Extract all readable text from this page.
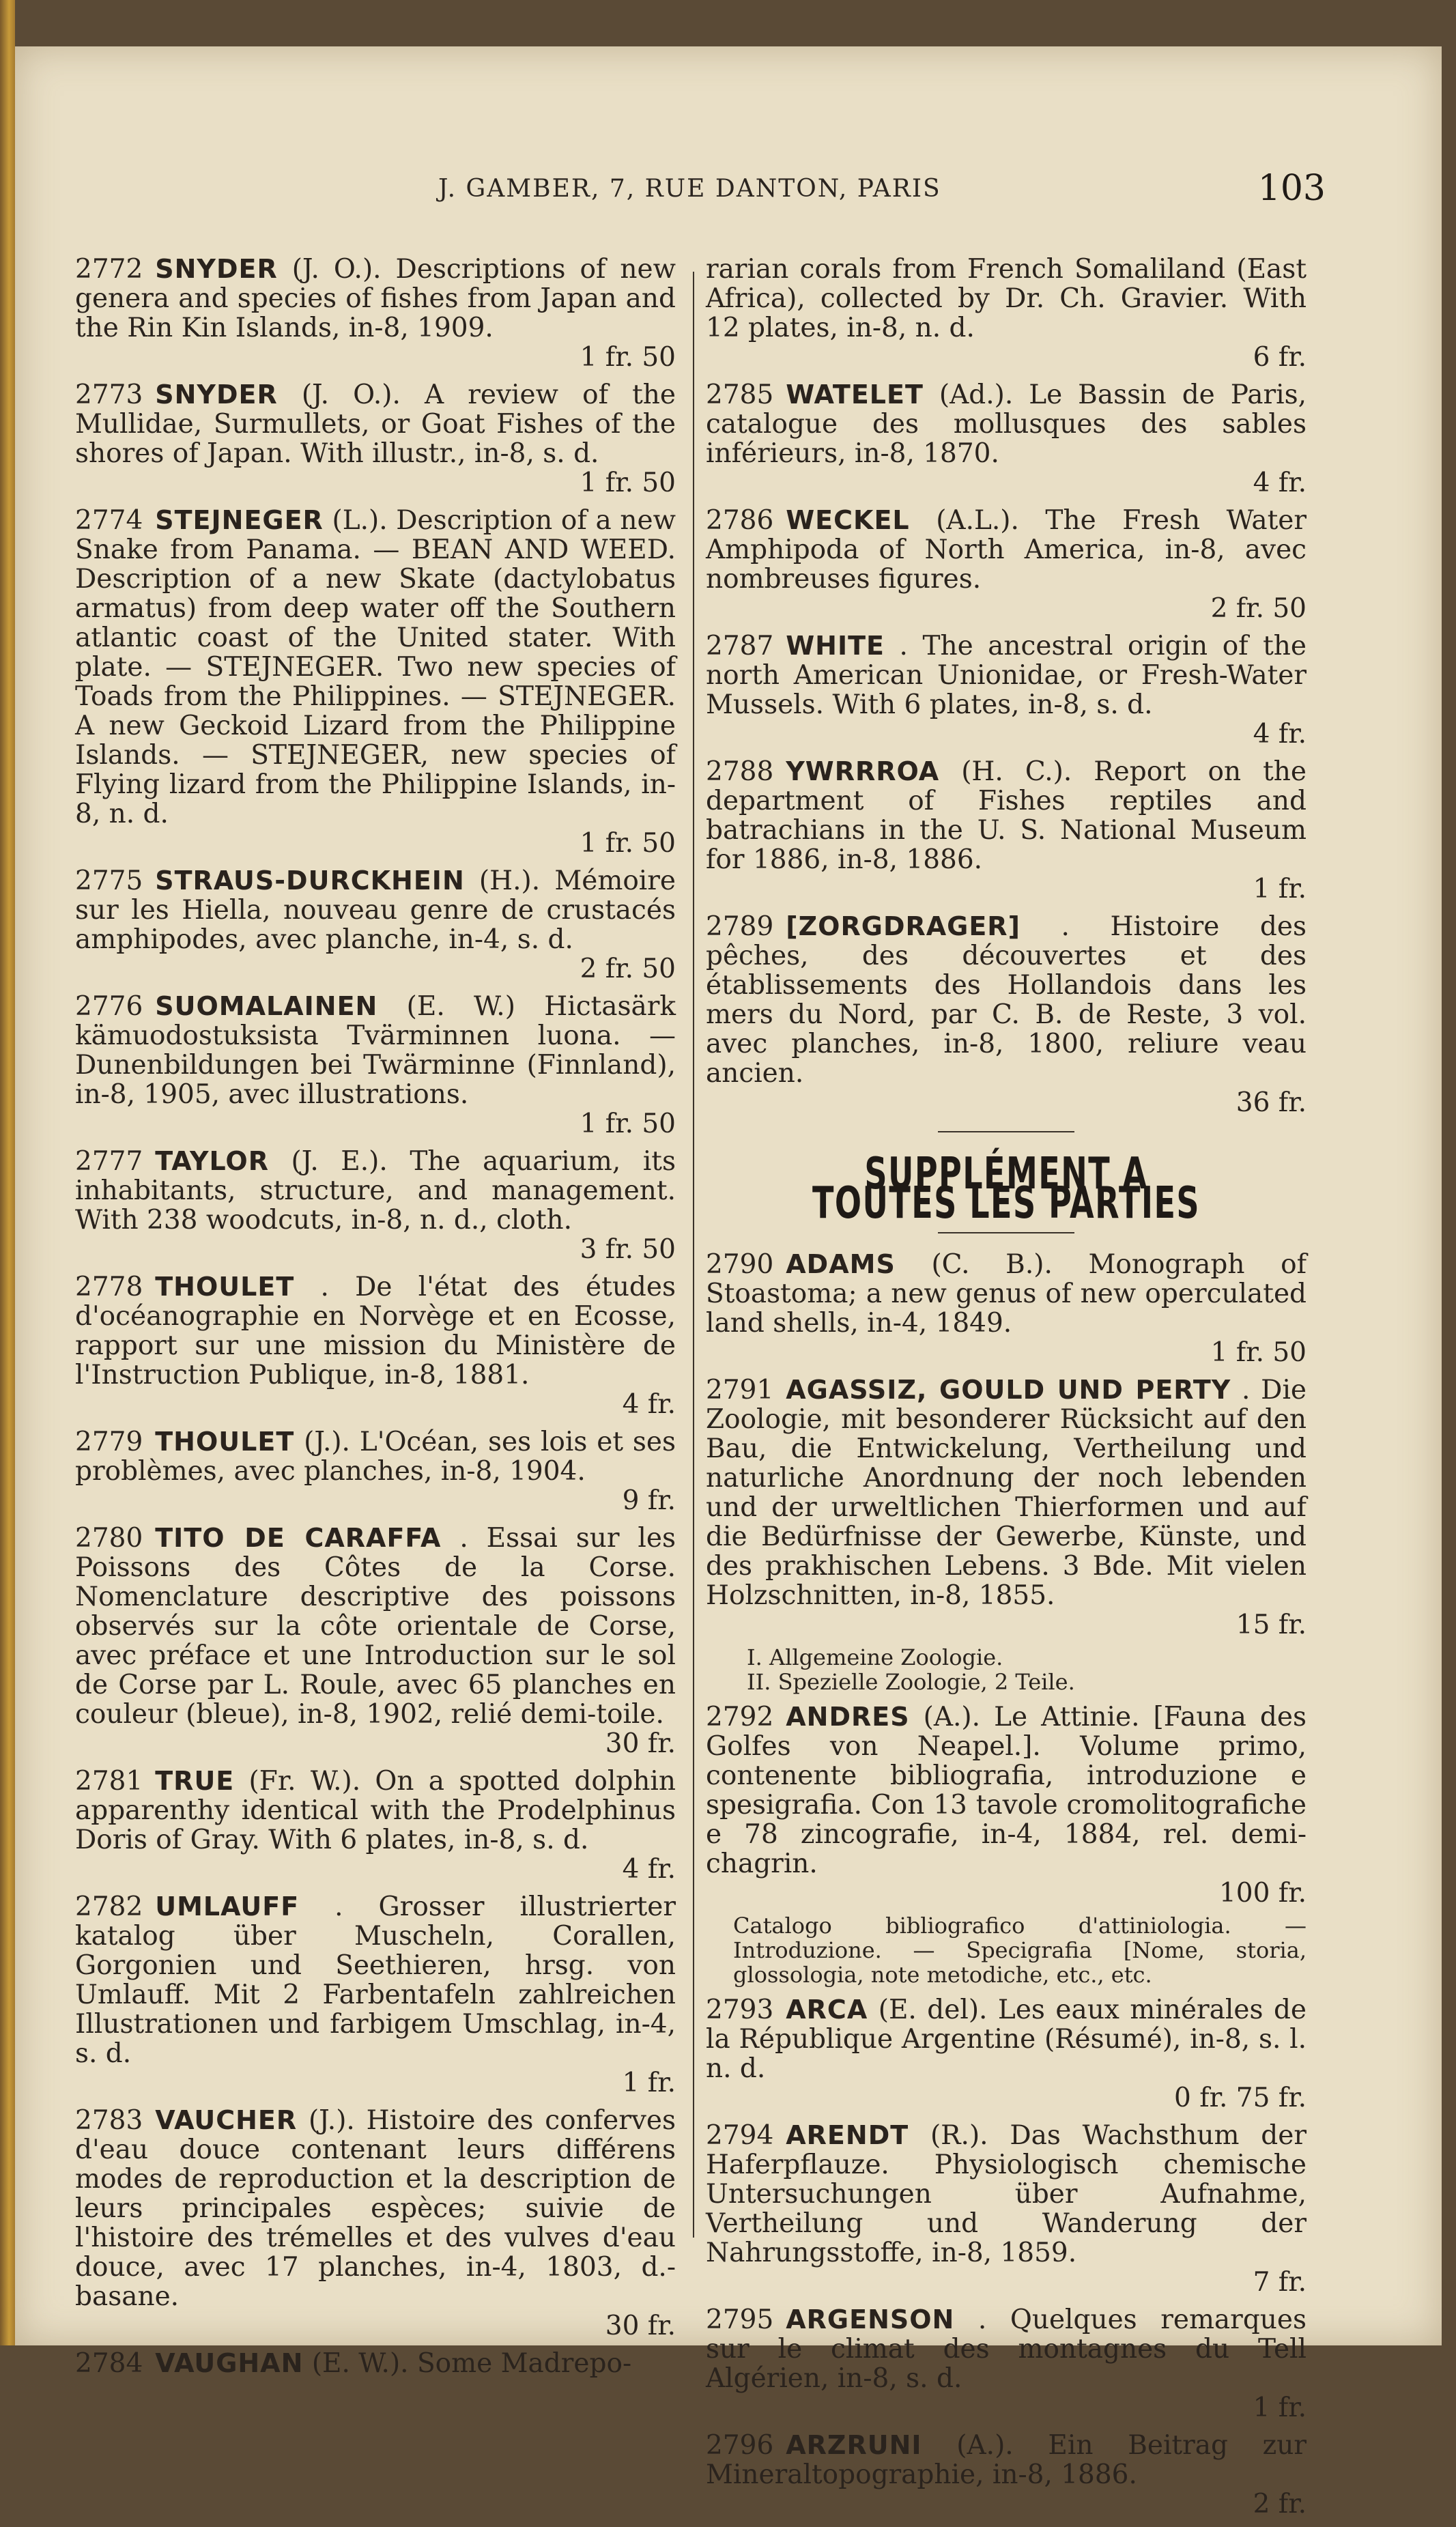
J. GAMBER, 7, RUE DANTON, PARIS	103
2772 SNYDER (J. O.). Descriptions of new genera and species of fishes from Japan and the Rin Kin Islands, in-8, 1909.
1 fr. 50
2773 SNYDER (J. O.). A review of the Mullidae, Surmullets, or Goat Fishes of the shores of Japan. With illustr., in-8, s. d.
1 fr. 50
2774 STEJNEGER (L.). Description of a new Snake from Panama. — BEAN AND WEED. Description of a new Skate (dactylobatus armatus) from deep water off the Southern atlantic coast of the United stater. With plate. — STEJNEGER. Two new species of Toads from the Philippines. — STEJNEGER. A new Geckoid Lizard from the Philippine Islands. — STEJNEGER, new species of Flying lizard from the Philippine Islands, in-8, n. d.
1 fr. 50
2775 STRAUS-DURCKHEIN (H.). Mémoire sur les Hiella, nouveau genre de crustacés amphipodes, avec planche, in-4, s. d.
2 fr. 50
2776 SUOMALAINEN (E. W.) Hictasärk kämuodostuksista Tvärminnen luona. — Dunenbildungen bei Twärminne (Finnland), in-8, 1905, avec illustrations.
1 fr. 50
2777 TAYLOR (J. E.). The aquarium, its inhabitants, structure, and management. With 238 woodcuts, in-8, n. d., cloth.
3 fr. 50
2778 THOULET . De l'état des études d'océanographie en Norvège et en Ecosse, rapport sur une mission du Ministère de l'Instruction Publique, in-8, 1881.
4 fr.
2779 THOULET (J.). L'Océan, ses lois et ses problèmes, avec planches, in-8, 1904.
9 fr.
2780 TITO DE CARAFFA . Essai sur les Poissons des Côtes de la Corse. Nomenclature descriptive des poissons observés sur la côte orientale de Corse, avec préface et une Introduction sur le sol de Corse par L. Roule, avec 65 planches en couleur (bleue), in-8, 1902, relié demi-toile.
30 fr.
2781 TRUE (Fr. W.). On a spotted dolphin apparenthy identical with the Prodelphinus Doris of Gray. With 6 plates, in-8, s. d.
4 fr.
2782 UMLAUFF . Grosser illustrierter katalog über Muscheln, Corallen, Gorgonien und Seethieren, hrsg. von Umlauff. Mit 2 Farbentafeln zahlreichen Illustrationen und farbigem Umschlag, in-4, s. d.
1 fr.
2783 VAUCHER (J.). Histoire des conferves d'eau douce contenant leurs différens modes de reproduction et la description de leurs principales espèces; suivie de l'histoire des trémelles et des vulves d'eau douce, avec 17 planches, in-4, 1803, d.-basane.
30 fr.
2784 VAUGHAN (E. W.). Some Madrepo-
rarian corals from French Somaliland (East Africa), collected by Dr. Ch. Gravier. With 12 plates, in-8, n. d.
6 fr.
2785 WATELET (Ad.). Le Bassin de Paris, catalogue des mollusques des sables inférieurs, in-8, 1870.
4 fr.
2786 WECKEL (A.L.). The Fresh Water Amphipoda of North America, in-8, avec nombreuses figures.
2 fr. 50
2787 WHITE . The ancestral origin of the north American Unionidae, or Fresh-Water Mussels. With 6 plates, in-8, s. d.
4 fr.
2788 YWRRROA (H. C.). Report on the department of Fishes reptiles and batrachians in the U. S. National Museum for 1886, in-8, 1886.
1 fr.
2789 [ZORGDRAGER] . Histoire des pêches, des découvertes et des établissements des Hollandois dans les mers du Nord, par C. B. de Reste, 3 vol. avec planches, in-8, 1800, reliure veau ancien.
36 fr.
SUPPLÉMENT A TOUTES LES PARTIES
2790 ADAMS (C. B.). Monograph of Stoastoma; a new genus of new operculated land shells, in-4, 1849.
1 fr. 50
2791 AGASSIZ, GOULD UND PERTY . Die Zoologie, mit besonderer Rücksicht auf den Bau, die Entwickelung, Vertheilung und naturliche Anordnung der noch lebenden und der urweltlichen Thierformen und auf die Bedürfnisse der Gewerbe, Künste, und des prakhischen Lebens. 3 Bde. Mit vielen Holzschnitten, in-8, 1855.
15 fr.
I. Allgemeine Zoologie.
II. Spezielle Zoologie, 2 Teile.
2792 ANDRES (A.). Le Attinie. [Fauna des Golfes von Neapel.]. Volume primo, contenente bibliografia, introduzione e spesigrafia. Con 13 tavole cromolitografiche e 78 zincografie, in-4, 1884, rel. demi-chagrin.
100 fr.
Catalogo bibliografico d'attiniologia. — Introduzione. — Specigrafia [Nome, storia, glossologia, note metodiche, etc., etc.
2793 ARCA (E. del). Les eaux minérales de la République Argentine (Résumé), in-8, s. l. n. d.
0 fr. 75 fr.
2794 ARENDT (R.). Das Wachsthum der Haferpflauze. Physiologisch chemische Untersuchungen über Aufnahme, Vertheilung und Wanderung der Nahrungsstoffe, in-8, 1859.
7 fr.
2795 ARGENSON . Quelques remarques sur le climat des montagnes du Tell Algérien, in-8, s. d.
1 fr.
2796 ARZRUNI (A.). Ein Beitrag zur Mineraltopographie, in-8, 1886.
2 fr.
